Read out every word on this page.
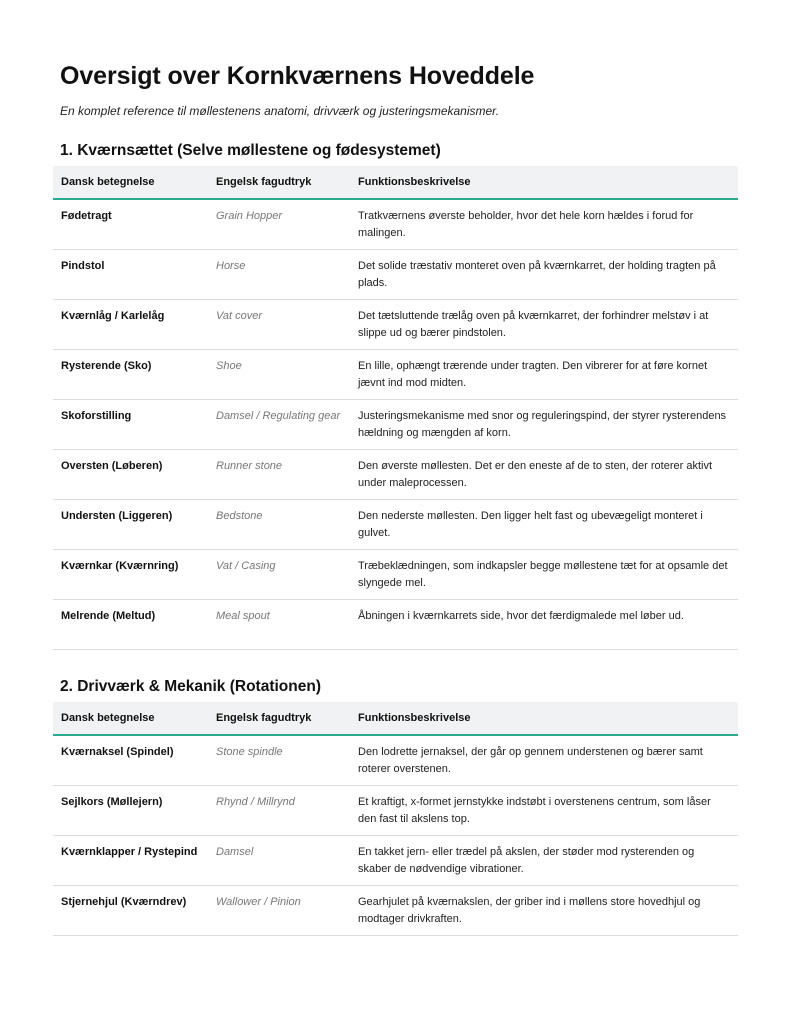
Oversigt over Kornkværnens Hoveddele

En komplet reference til møllestenens anatomi, drivværk og justeringsmekanismer.

1. Kværnsættet (Selve møllestene og fødesystemet)
Dansk betegnelse	Engelsk fagudtryk	Funktionsbeskrivelse
Fødetragt	Grain Hopper	Tratkværnens øverste beholder, hvor det hele korn hældes i forud for malingen.
Pindstol	Horse	Det solide træstativ monteret oven på kværnkarret, der holding tragten på plads.
Kværnlåg / Karlelåg	Vat cover	Det tætsluttende trælåg oven på kværnkarret, der forhindrer melstøv i at slippe ud og bærer pindstolen.
Rysterende (Sko)	Shoe	En lille, ophængt trærende under tragten. Den vibrerer for at føre kornet jævnt ind mod midten.
Skoforstilling	Damsel / Regulating gear	Justeringsmekanisme med snor og reguleringspind, der styrer rysterendens hældning og mængden af korn.
Oversten (Løberen)	Runner stone	Den øverste møllesten. Det er den eneste af de to sten, der roterer aktivt under maleprocessen.
Understen (Liggeren)	Bedstone	Den nederste møllesten. Den ligger helt fast og ubevægeligt monteret i gulvet.
Kværnkar (Kværnring)	Vat / Casing	Træbeklædningen, som indkapsler begge møllestene tæt for at opsamle det slyngede mel.
Melrende (Meltud)	Meal spout	Åbningen i kværnkarrets side, hvor det færdigmalede mel løber ud.
2. Drivværk & Mekanik (Rotationen)
Dansk betegnelse	Engelsk fagudtryk	Funktionsbeskrivelse
Kværnaksel (Spindel)	Stone spindle	Den lodrette jernaksel, der går op gennem understenen og bærer samt roterer overstenen.
Sejlkors (Møllejern)	Rhynd / Millrynd	Et kraftigt, x-formet jernstykke indstøbt i overstenens centrum, som låser den fast til akslens top.
Kværnklapper / Rystepind	Damsel	En takket jern- eller trædel på akslen, der støder mod rysterenden og skaber de nødvendige vibrationer.
Stjernehjul (Kværndrev)	Wallower / Pinion	Gearhjulet på kværnakslen, der griber ind i møllens store hovedhjul og modtager drivkraften.
